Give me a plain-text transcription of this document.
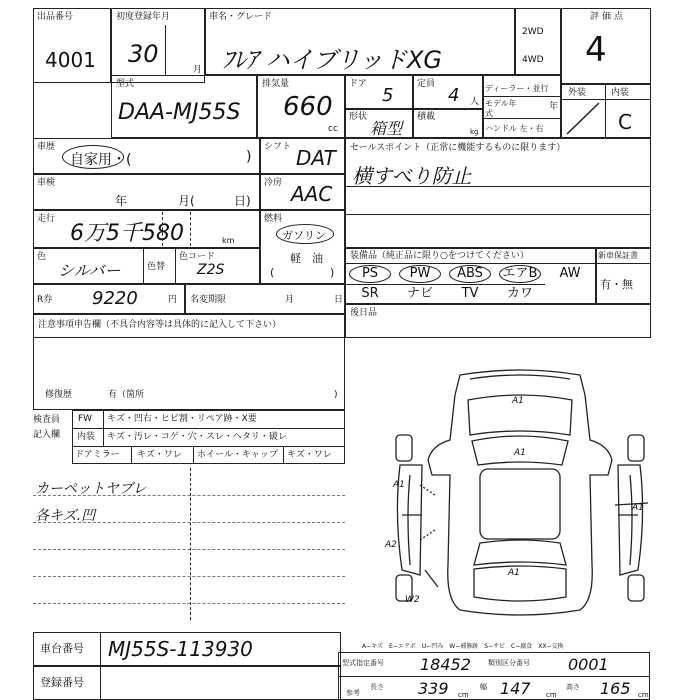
出品番号
4001
初度登録年月
30
月
車名・グレード
ﾌﾚｱ ハイブリッドXG
2WD
4WD
評価点
4
型式
DAA-MJ55S
排気量
660
cc
ドア
5
定員
4 人
形状
箱型
積載
kg
ディーラー・並行
モデル年式
年
ハンドル 左・右
外装	内装
C
車歴
自家用・(	)
シフト DAT
車検
年	月(	日)
冷房 AAC
走行
6万5千580	km
燃料
ガソリン
軽　油
(	)
色
シルバー	色替
色コード
Z2S
R券 9220	円 名変期限	月	日
セールスポイント（正常に機能するものに限ります）
横すべり防止
装備品（純正品に限り○をつけてください）	新車保証書
有・無
後日品
注意事項申告欄（不具合内容等は具体的に記入して下さい）
修復歴	有（箇所	)
検査員
記入欄
FW キズ・凹右・ヒビ割・リペア跡・X要
内装 キズ・汚レ・コゲ・穴・スレ・ヘタリ・破レ
ドアミラー キズ・ワレ ホイール・キャップ キズ・ワレ
カーペットヤブレ
各キズ.凹
A1
A1
A1
A2
A1
A1
W2
車台番号 MJ55S-113930
登録番号
A−キズ　E−エクボ　U−凹み　W−補修跡　S−サビ　C−腐食　XX−交換
型式指定番号 18452 類別区分番号 0001
参考
長さ 339 cm
幅 147 cm
高さ 165 cm
PS	PW	ABS	エアB	AW
SR	ナビ	TV	カワ
